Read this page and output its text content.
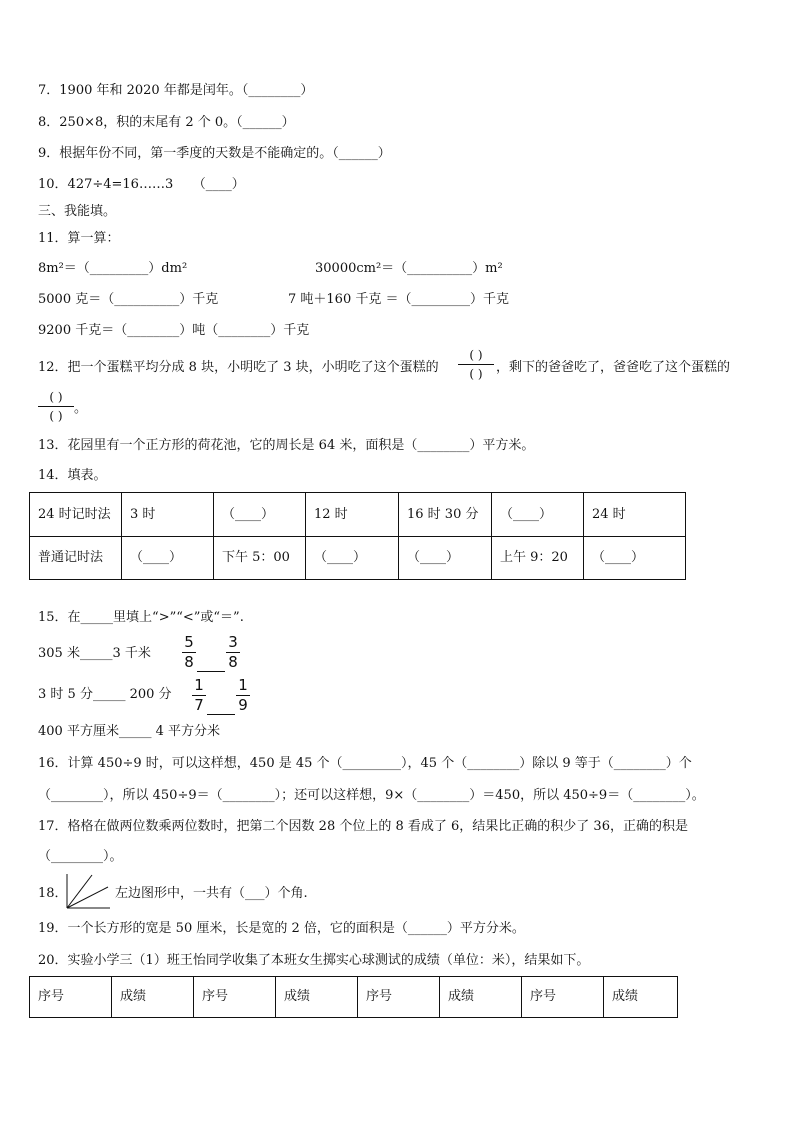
7．1900 年和 2020 年都是闰年。（________）
8．250×8，积的末尾有 2 个 0。（______）
9．根据年份不同，第一季度的天数是不能确定的。（______）
10．427÷4=16……3　　（____）
三、我能填。
11．算一算：
8m²＝（_________）dm²	30000cm²＝（__________）m²
5000 克＝（__________）千克	7 吨＋160 千克 ＝（_________）千克
9200 千克＝（________）吨（________）千克
12．把一个蛋糕平均分成 8 块，小明吃了 3 块，小明吃了这个蛋糕的
( )
( )	，剩下的爸爸吃了，爸爸吃了这个蛋糕的
( )
( ) 。
13．花园里有一个正方形的荷花池，它的周长是 64 米，面积是（________）平方米。
14．填表。
24 时记时法	3 时	（____）	12 时	16 时 30 分	（____）	24 时
普通记时法	（____）	下午 5：00	（____）	（____）	上午 9：20	（____）
15．在_____里填上“>”“<”或“＝”.
305 米_____3 千米
3 时 5 分_____ 200 分
400 平方厘米_____ 4 平方分米
5
8
3
8
1
7
1
9
16．计算 450÷9 时，可以这样想，450 是 45 个（_________），45 个（________）除以 9 等于（________）个
（________），所以 450÷9＝（________）；还可以这样想，9×（________）＝450，所以 450÷9＝（________）。
17．格格在做两位数乘两位数时，把第二个因数 28 个位上的 8 看成了 6，结果比正确的积少了 36，正确的积是
（________）。
18．	左边图形中，一共有（___）个角.
19．一个长方形的宽是 50 厘米，长是宽的 2 倍，它的面积是（______）平方分米。
20．实验小学三（1）班王怡同学收集了本班女生掷实心球测试的成绩（单位：米），结果如下。
序号	成绩	序号	成绩	序号	成绩	序号	成绩
